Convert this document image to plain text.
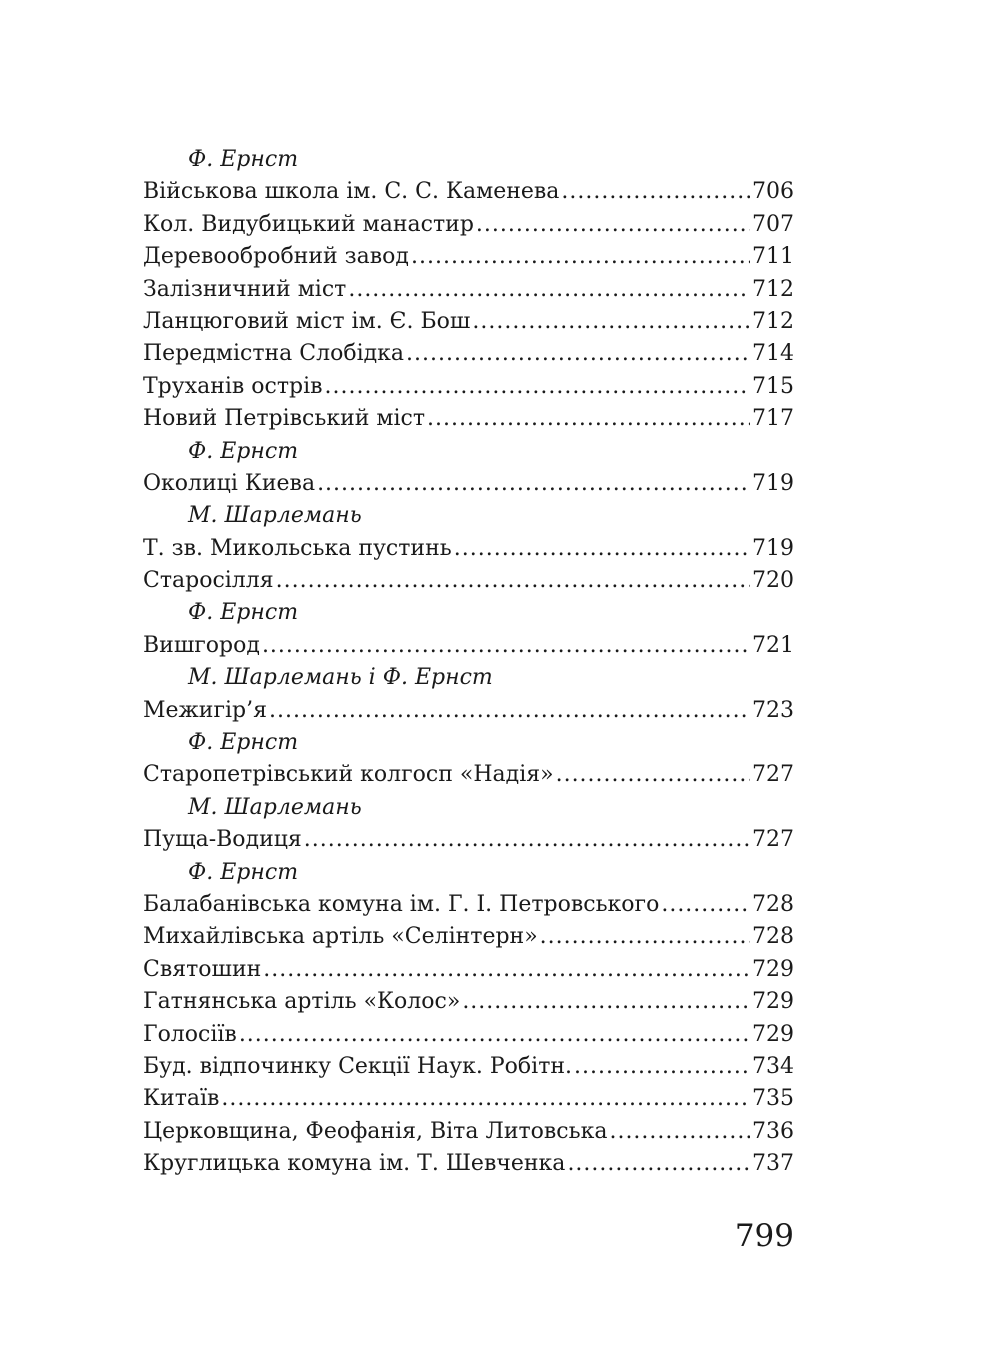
Ф. Ернст
Військова школа ім. С. С. Каменева .....	706
Кол. Видубицький манастир .....	707
Деревообробний завод .....	711
Залізничний міст .....	712
Ланцюговий міст ім. Є. Бош .....	712
Передмістна Слобідка .....	714
Труханів острів .....	715
Новий Петрівський міст .....	717
Ф. Ернст
Околиці Киева .....	719
М. Шарлемань
Т. зв. Микольська пустинь .....	719
Старосілля .....	720
Ф. Ернст
Вишгород .....	721
М. Шарлемань і Ф. Ернст
Межигір’я .....	723
Ф. Ернст
Старопетрівський колгосп «Надія» .....	727
М. Шарлемань
Пуща-Водиця .....	727
Ф. Ернст
Балабанівська комуна ім. Г. І. Петровського .....	728
Михайлівська артіль «Селінтерн» .....	728
Святошин .....	729
Гатнянська артіль «Колос» .....	729
Голосіїв .....	729
Буд. відпочинку Секції Наук. Робітн. .....	734
Китаїв .....	735
Церковщина, Феофанія, Віта Литовська .....	736
Круглицька комуна ім. Т. Шевченка .....	737
799
